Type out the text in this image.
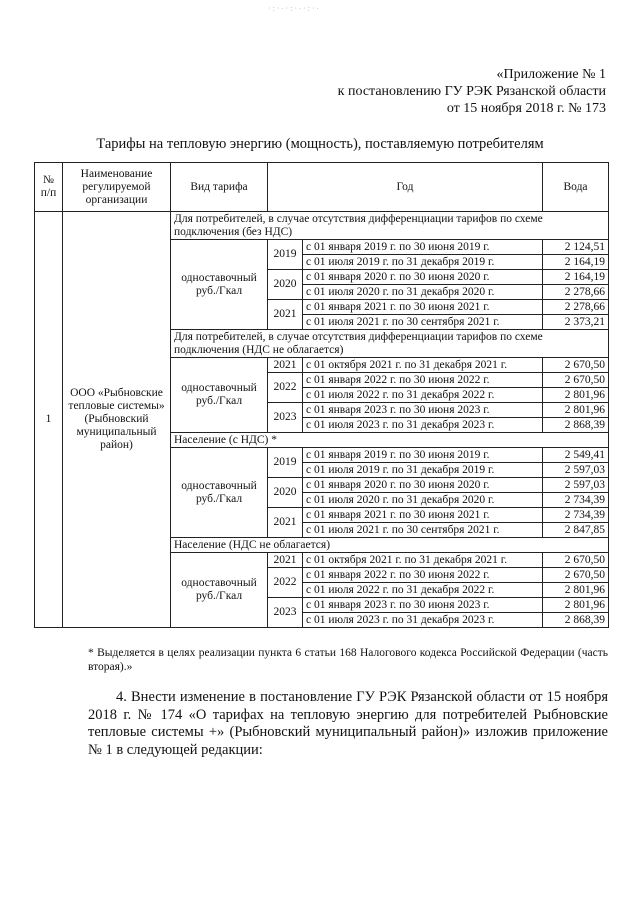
·:·∙·:·∙·:·∙
«Приложение № 1
к постановлению ГУ РЭК Рязанской области
от 15 ноября 2018 г. № 173
Тарифы на тепловую энергию (мощность), поставляемую потребителям
№ п/п	Наименование регулируемой организации	Вид тарифа	Год		Вода
1	ООО «Рыбновские тепловые системы» (Рыбновский муниципальный район)	Для потребителей, в случае отсутствия дифференциации тарифов по схеме подключения (без НДС)			
		одноставочный руб./Гкал	2019	с 01 января 2019 г. по 30 июня 2019 г.	2 124,51
				с 01 июля 2019 г. по 31 декабря 2019 г.	2 164,19
			2020	с 01 января 2020 г. по 30 июня 2020 г.	2 164,19
				с 01 июля 2020 г. по 31 декабря 2020 г.	2 278,66
			2021	с 01 января 2021 г. по 30 июня 2021 г.	2 278,66
				с 01 июля 2021 г. по 30 сентября 2021 г.	2 373,21
		Для потребителей, в случае отсутствия дифференциации тарифов по схеме подключения (НДС не облагается)			
		одноставочный руб./Гкал	2021	с 01 октября 2021 г. по 31 декабря 2021 г.	2 670,50
			2022	с 01 января 2022 г. по 30 июня 2022 г.	2 670,50
				с 01 июля 2022 г. по 31 декабря 2022 г.	2 801,96
			2023	с 01 января 2023 г. по 30 июня 2023 г.	2 801,96
				с 01 июля 2023 г. по 31 декабря 2023 г.	2 868,39
		Население (с НДС) *			
		одноставочный руб./Гкал	2019	с 01 января 2019 г. по 30 июня 2019 г.	2 549,41
				с 01 июля 2019 г. по 31 декабря 2019 г.	2 597,03
			2020	с 01 января 2020 г. по 30 июня 2020 г.	2 597,03
				с 01 июля 2020 г. по 31 декабря 2020 г.	2 734,39
			2021	с 01 января 2021 г. по 30 июня 2021 г.	2 734,39
				с 01 июля 2021 г. по 30 сентября 2021 г.	2 847,85
		Население (НДС не облагается)			
		одноставочный руб./Гкал	2021	с 01 октября 2021 г. по 31 декабря 2021 г.	2 670,50
			2022	с 01 января 2022 г. по 30 июня 2022 г.	2 670,50
				с 01 июля 2022 г. по 31 декабря 2022 г.	2 801,96
			2023	с 01 января 2023 г. по 30 июня 2023 г.	2 801,96
				с 01 июля 2023 г. по 31 декабря 2023 г.	2 868,39
* Выделяется в целях реализации пункта 6 статьи 168 Налогового кодекса Российской Федерации (часть вторая).»
4. Внести изменение в постановление ГУ РЭК Рязанской области от 15 ноября 2018 г. № 174 «О тарифах на тепловую энергию для потребителей Рыбновские тепловые системы +» (Рыбновский муниципальный район)» изложив приложение № 1 в следующей редакции:
